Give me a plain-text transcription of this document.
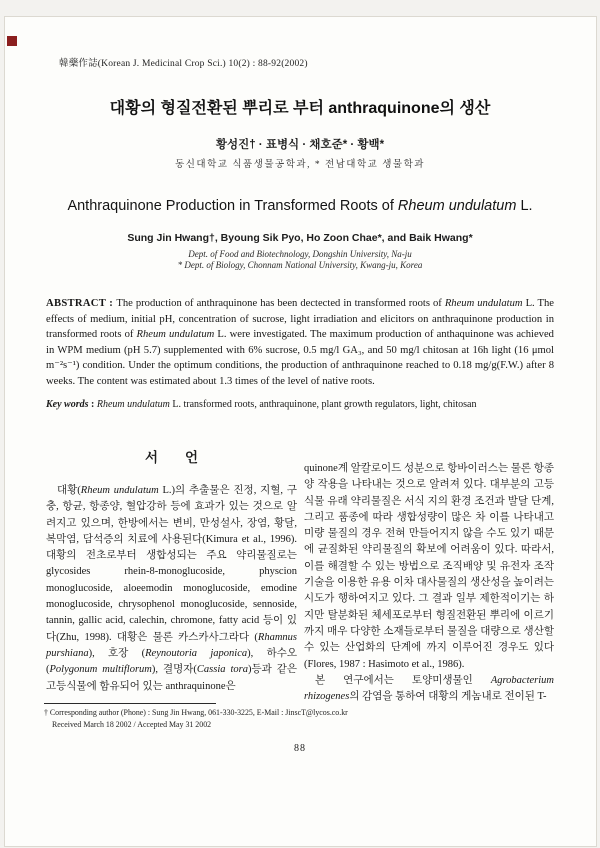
韓藥作誌(Korean J. Medicinal Crop Sci.) 10(2) : 88-92(2002)
대황의 형질전환된 뿌리로 부터 anthraquinone의 생산
황성진† · 표병식 · 채호준* · 황백*
동신대학교 식품생물공학과, * 전남대학교 생물학과
Anthraquinone Production in Transformed Roots of Rheum undulatum L.
Sung Jin Hwang†, Byoung Sik Pyo, Ho Zoon Chae*, and Baik Hwang*
Dept. of Food and Biotechnology, Dongshin University, Na-ju
* Dept. of Biology, Chonnam National University, Kwang-ju, Korea
ABSTRACT : The production of anthraquinone has been dectected in transformed roots of Rheum undulatum L. The effects of medium, initial pH, concentration of sucrose, light irradiation and elicitors on anthraquinone production in transformed roots of Rheum undulatum L. were investigated. The maximum production of anthaquinone was achieved in WPM medium (pH 5.7) supplemented with 6% sucrose, 0.5 mg/l GA₃, and 50 mg/l chitosan at 16h light (16 μmol m⁻²s⁻¹) condition. Under the optimum conditions, the production of anthraquinone reached to 0.18 mg/g(F.W.) after 8 weeks. The content was estimated about 1.3 times of the level of native roots.
Key words : Rheum undulatum L. transformed roots, anthraquinone, plant growth regulators, light, chitosan
서　　언

대황(Rheum undulatum L.)의 추출물은 진정, 지혈, 구충, 항균, 항종양, 혈압강하 등에 효과가 있는 것으로 알려지고 있으며, 한방에서는 변비, 만성설사, 장염, 황달, 복막염, 담석증의 치료에 사용된다(Kimura et al., 1996). 대황의 전초로부터 생합성되는 주요 약리물질로는 glycosides rhein-8-monoglucoside, physcion monoglucoside, aloeemodin monoglucoside, emodine monoglucoside, chrysophenol monoglucoside, sennoside, tannin, gallic acid, calechin, chromone, fatty acid 등이 있다(Zhu, 1998). 대황은 물론 카스카사그라다 (Rhamnus purshiana), 호장 (Reynoutoria japonica), 하수오(Polygonum multiflorum), 결명자(Cassia tora)등과 같은 고등식물에 함유되어 있는 anthraquinone은

quinone계 알칼로이드 성분으로 항바이러스는 물론 항종양 작용을 나타내는 것으로 알려져 있다. 대부분의 고등식물 유래 약리물질은 서식 지의 환경 조건과 발달 단계, 그리고 품종에 따라 생합성량이 많은 차 이를 나타내고 미량 물질의 경우 전혀 만들어지지 않을 수도 있기 때문에 균질화된 약리물질의 확보에 어려움이 있다. 따라서, 이를 해결할 수 있는 방법으로 조직배양 및 유전자 조작 기술을 이용한 유용 이차 대사물질의 생산성을 높이려는 시도가 행하여지고 있다. 그 결과 일부 제한적이기는 하지만 탈분화된 체세포로부터 형질전환된 뿌리에 이르기까지 매우 다양한 소재들로부터 물질을 대량으로 생산할 수 있는 산업화의 단계에 까지 이루어진 경우도 있다(Flores, 1987 : Hasimoto et al., 1986).

본 연구에서는 토양미생물인 Agrobacterium rhizogenes의 감염을 통하여 대황의 게놈내로 전이된 T-

† Corresponding author (Phone) : Sung Jin Hwang, 061-330-3225, E-Mail : JinscT@lycos.co.kr
Received March 18 2002 / Accepted May 31 2002
88
